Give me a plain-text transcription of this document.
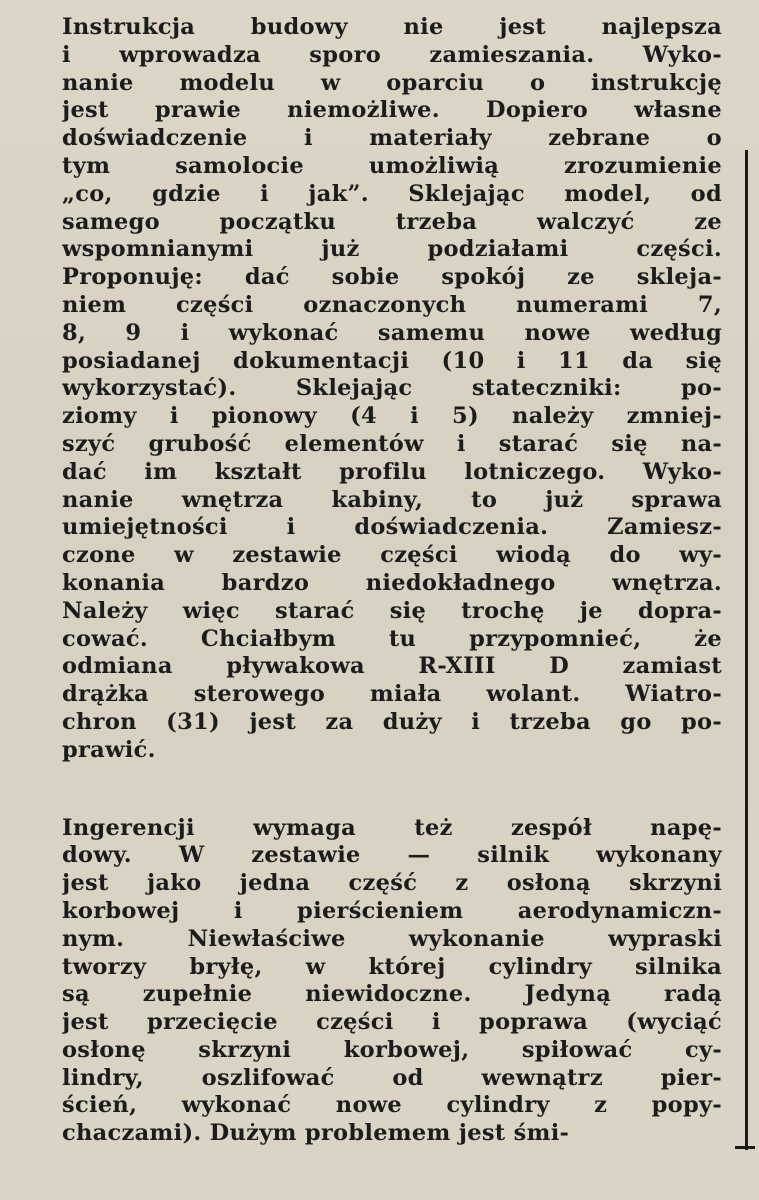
Instrukcja budowy nie jest najlepsza
i wprowadza sporo zamieszania. Wyko-
nanie modelu w oparciu o instrukcję
jest prawie niemożliwe. Dopiero własne
doświadczenie i materiały zebrane o
tym samolocie umożliwią zrozumienie
„co, gdzie i jak”. Sklejając model, od
samego początku trzeba walczyć ze
wspomnianymi już podziałami części.
Proponuję: dać sobie spokój ze skleja-
niem części oznaczonych numerami 7,
8, 9 i wykonać samemu nowe według
posiadanej dokumentacji (10 i 11 da się
wykorzystać). Sklejając stateczniki: po-
ziomy i pionowy (4 i 5) należy zmniej-
szyć grubość elementów i starać się na-
dać im kształt profilu lotniczego. Wyko-
nanie wnętrza kabiny, to już sprawa
umiejętności i doświadczenia. Zamiesz-
czone w zestawie części wiodą do wy-
konania bardzo niedokładnego wnętrza.
Należy więc starać się trochę je dopra-
cować. Chciałbym tu przypomnieć, że
odmiana pływakowa R-XIII D zamiast
drążka sterowego miała wolant. Wiatro-
chron (31) jest za duży i trzeba go po-
prawić.

Ingerencji wymaga też zespół napę-
dowy. W zestawie — silnik wykonany
jest jako jedna część z osłoną skrzyni
korbowej i pierścieniem aerodynamiczn-
nym. Niewłaściwe wykonanie wypraski
tworzy bryłę, w której cylindry silnika
są zupełnie niewidoczne. Jedyną radą
jest przecięcie części i poprawa (wyciąć
osłonę skrzyni korbowej, spiłować cy-
lindry, oszlifować od wewnątrz pier-
ścień, wykonać nowe cylindry z popy-
chaczami). Dużym problemem jest śmi-
